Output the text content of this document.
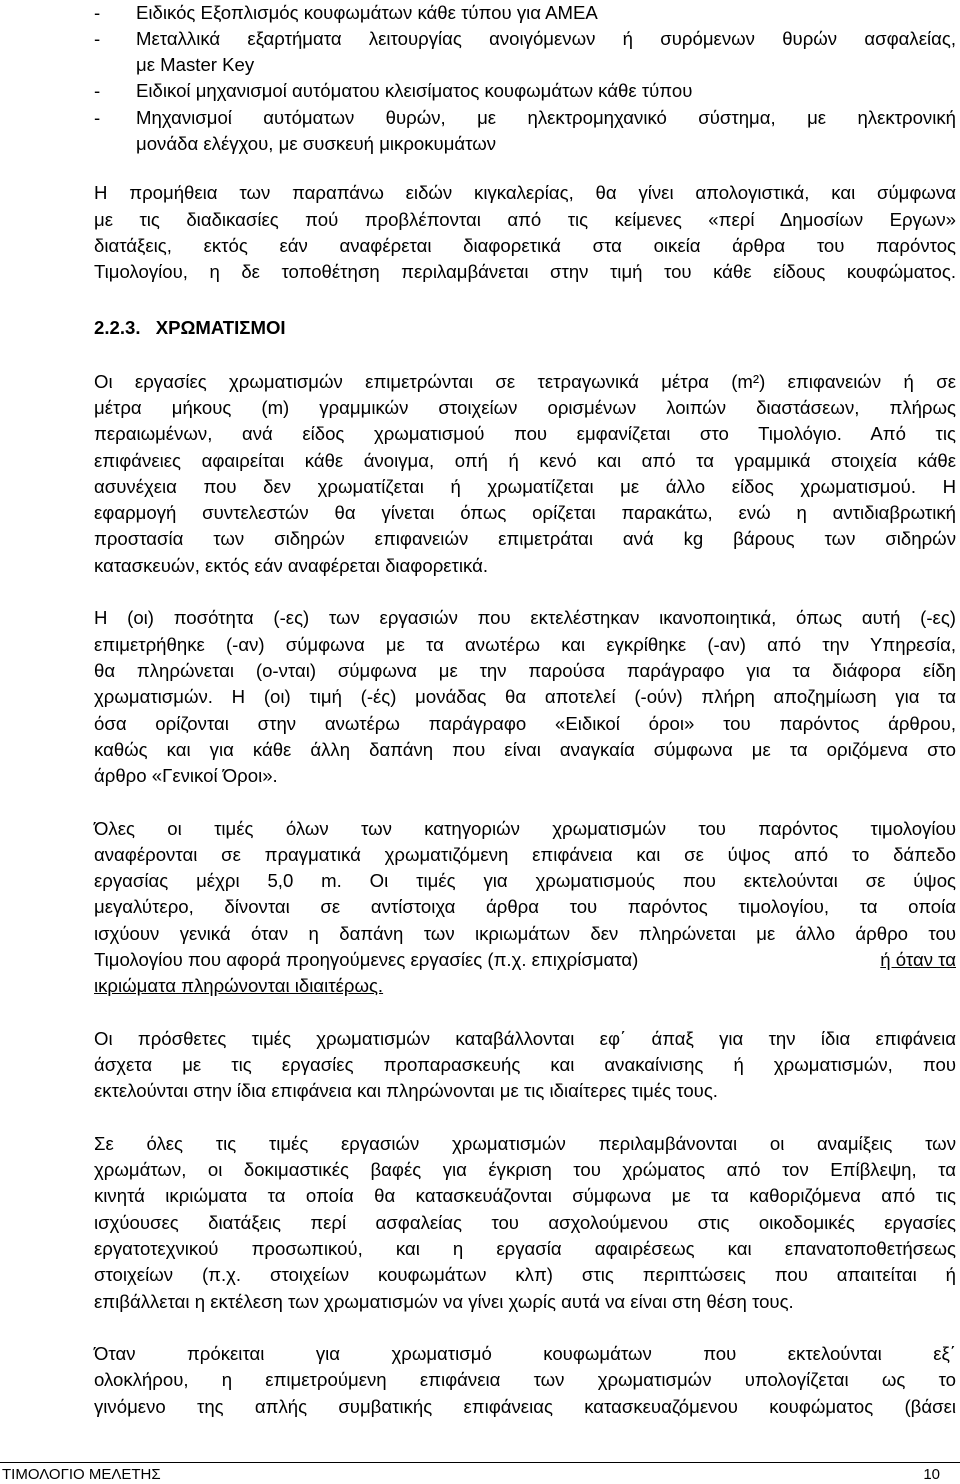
- Ειδικός Εξοπλισμός κουφωμάτων κάθε τύπου για ΑΜΕΑ
- Μεταλλικά εξαρτήματα λειτουργίας ανοιγόμενων ή συρόμενων θυρών ασφαλείας,
με Master Key
- Ειδικοί μηχανισμοί αυτόματου κλεισίματος κουφωμάτων κάθε τύπου
- Μηχανισμοί αυτόματων θυρών, με ηλεκτρομηχανικό σύστημα, με ηλεκτρονική
μονάδα ελέγχου, με συσκευή μικροκυμάτων
Η προμήθεια των παραπάνω ειδών κιγκαλερίας, θα γίνει απολογιστικά, και σύμφωνα
με τις διαδικασίες πού προβλέπονται από τις κείμενες «περί Δημοσίων Εργων»
διατάξεις, εκτός εάν αναφέρεται διαφορετικά στα οικεία άρθρα του παρόντος
Τιμολογίου, η δε τοποθέτηση περιλαμβάνεται στην τιμή του κάθε είδους κουφώματος.
2.2.3. ΧΡΩΜΑΤΙΣΜΟΙ
Οι εργασίες χρωματισμών επιμετρώνται σε τετραγωνικά μέτρα (m²) επιφανειών ή σε
μέτρα μήκους (m) γραμμικών στοιχείων ορισμένων λοιπών διαστάσεων, πλήρως
περαιωμένων, ανά είδος χρωματισμού που εμφανίζεται στο Τιμολόγιο. Από τις
επιφάνειες αφαιρείται κάθε άνοιγμα, οπή ή κενό και από τα γραμμικά στοιχεία κάθε
ασυνέχεια που δεν χρωματίζεται ή χρωματίζεται με άλλο είδος χρωματισμού. Η
εφαρμογή συντελεστών θα γίνεται όπως ορίζεται παρακάτω, ενώ η αντιδιαβρωτική
προστασία των σιδηρών επιφανειών επιμετράται ανά kg βάρους των σιδηρών
κατασκευών, εκτός εάν αναφέρεται διαφορετικά.
Η (οι) ποσότητα (-ες) των εργασιών που εκτελέστηκαν ικανοποιητικά, όπως αυτή (-ες)
επιμετρήθηκε (-αν) σύμφωνα με τα ανωτέρω και εγκρίθηκε (-αν) από την Υπηρεσία,
θα πληρώνεται (ο-νται) σύμφωνα με την παρούσα παράγραφο για τα διάφορα είδη
χρωματισμών. Η (οι) τιμή (-ές) μονάδας θα αποτελεί (-ούν) πλήρη αποζημίωση για τα
όσα ορίζονται στην ανωτέρω παράγραφο «Ειδικοί όροι» του παρόντος άρθρου,
καθώς και για κάθε άλλη δαπάνη που είναι αναγκαία σύμφωνα με τα οριζόμενα στο
άρθρο «Γενικοί Όροι».
Όλες οι τιμές όλων των κατηγοριών χρωματισμών του παρόντος τιμολογίου
αναφέρονται σε πραγματικά χρωματιζόμενη επιφάνεια και σε ύψος από το δάπεδο
εργασίας μέχρι 5,0 m. Οι τιμές για χρωματισμούς που εκτελούνται σε ύψος
μεγαλύτερο, δίνονται σε αντίστοιχα άρθρα του παρόντος τιμολογίου, τα οποία
ισχύουν γενικά όταν η δαπάνη των ικριωμάτων δεν πληρώνεται με άλλο άρθρο του
Τιμολογίου που αφορά προηγούμενες εργασίες (π.χ. επιχρίσματα)	ή όταν τα
ικριώματα πληρώνονται ιδιαιτέρως.
Οι πρόσθετες τιμές χρωματισμών καταβάλλονται εφ΄ άπαξ για την ίδια επιφάνεια
άσχετα με τις εργασίες προπαρασκευής και ανακαίνισης ή χρωματισμών, που
εκτελούνται στην ίδια επιφάνεια και πληρώνονται με τις ιδιαίτερες τιμές τους.
Σε όλες τις τιμές εργασιών χρωματισμών περιλαμβάνονται οι αναμίξεις των
χρωμάτων, οι δοκιμαστικές βαφές για έγκριση του χρώματος από τον Επίβλεψη, τα
κινητά ικριώματα τα οποία θα κατασκευάζονται σύμφωνα με τα καθοριζόμενα από τις
ισχύουσες διατάξεις περί ασφαλείας του ασχολούμενου στις οικοδομικές εργασίες
εργατοτεχνικού προσωπικού, και η εργασία αφαιρέσεως και επανατοποθετήσεως
στοιχείων (π.χ. στοιχείων κουφωμάτων κλπ) στις περιπτώσεις που απαιτείται ή
επιβάλλεται η εκτέλεση των χρωματισμών να γίνει χωρίς αυτά να είναι στη θέση τους.
Όταν πρόκειται για χρωματισμό κουφωμάτων που εκτελούνται εξ΄
ολοκλήρου, η επιμετρούμενη επιφάνεια των χρωματισμών υπολογίζεται ως το
γινόμενο της απλής συμβατικής επιφάνειας κατασκευαζόμενου κουφώματος (βάσει
ΤΙΜΟΛΟΓΙΟ ΜΕΛΕΤΗΣ	10
